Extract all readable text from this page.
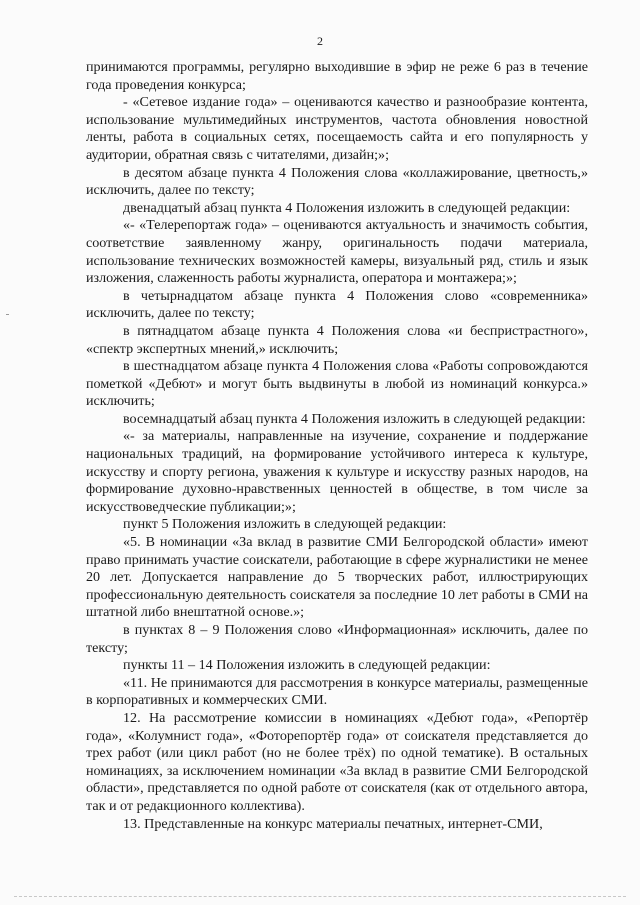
2

принимаются программы, регулярно выходившие в эфир не реже 6 раз в течение года проведения конкурса;

- «Сетевое издание года» – оцениваются качество и разнообразие контента, использование мультимедийных инструментов, частота обновления новостной ленты, работа в социальных сетях, посещаемость сайта и его популярность у аудитории, обратная связь с читателями, дизайн;»;

в десятом абзаце пункта 4 Положения слова «коллажирование, цветность,» исключить, далее по тексту;

двенадцатый абзац пункта 4 Положения изложить в следующей редакции:

«- «Телерепортаж года» – оцениваются актуальность и значимость события, соответствие заявленному жанру, оригинальность подачи материала, использование технических возможностей камеры, визуальный ряд, стиль и язык изложения, слаженность работы журналиста, оператора и монтажера;»;

в четырнадцатом абзаце пункта 4 Положения слово «современника» исключить, далее по тексту;

в пятнадцатом абзаце пункта 4 Положения слова «и беспристрастного», «спектр экспертных мнений,» исключить;

в шестнадцатом абзаце пункта 4 Положения слова «Работы сопровождаются пометкой «Дебют» и могут быть выдвинуты в любой из номинаций конкурса.» исключить;

восемнадцатый абзац пункта 4 Положения изложить в следующей редакции:

«- за материалы, направленные на изучение, сохранение и поддержание национальных традиций, на формирование устойчивого интереса к культуре, искусству и спорту региона, уважения к культуре и искусству разных народов, на формирование духовно-нравственных ценностей в обществе, в том числе за искусствоведческие публикации;»;

пункт 5 Положения изложить в следующей редакции:

«5. В номинации «За вклад в развитие СМИ Белгородской области» имеют право принимать участие соискатели, работающие в сфере журналистики не менее 20 лет. Допускается направление до 5 творческих работ, иллюстрирующих профессиональную деятельность соискателя за последние 10 лет работы в СМИ на штатной либо внештатной основе.»;

в пунктах 8 – 9 Положения слово «Информационная» исключить, далее по тексту;

пункты 11 – 14 Положения изложить в следующей редакции:

«11. Не принимаются для рассмотрения в конкурсе материалы, размещенные в корпоративных и коммерческих СМИ.

12. На рассмотрение комиссии в номинациях «Дебют года», «Репортёр года», «Колумнист года», «Фоторепортёр года» от соискателя представляется до трех работ (или цикл работ (но не более трёх) по одной тематике). В остальных номинациях, за исключением номинации «За вклад в развитие СМИ Белгородской области», представляется по одной работе от соискателя (как от отдельного автора, так и от редакционного коллектива).

13. Представленные на конкурс материалы печатных, интернет-СМИ,
